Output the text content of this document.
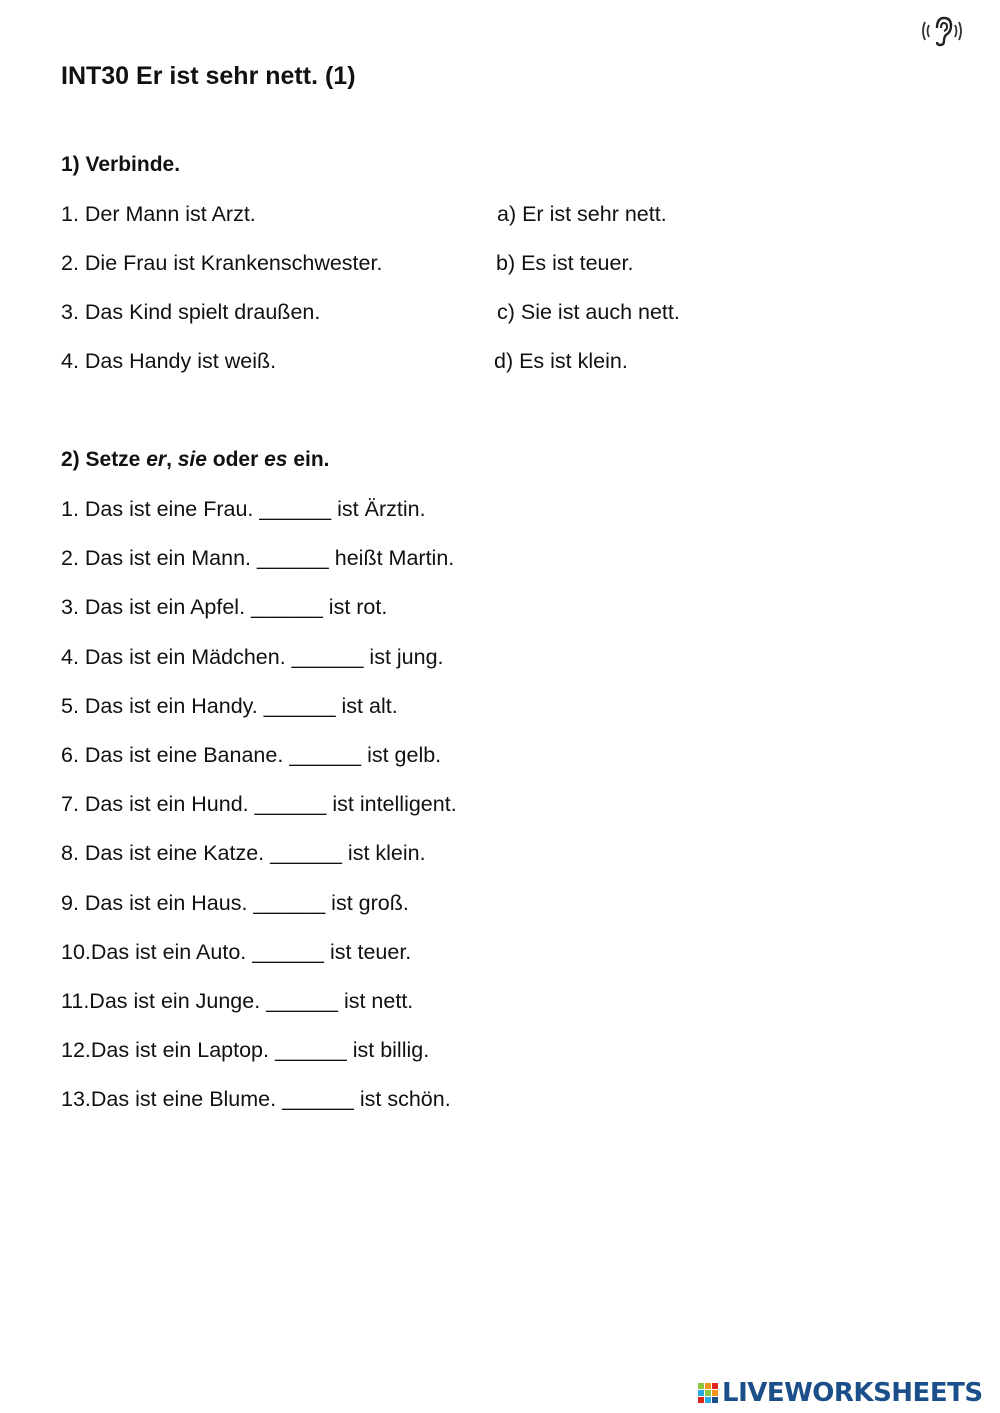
INT30 Er ist sehr nett. (1)
1) Verbinde.
1. Der Mann ist Arzt.
2. Die Frau ist Krankenschwester.
3. Das Kind spielt draußen.
4. Das Handy ist weiß.
a) Er ist sehr nett.
b) Es ist teuer.
c) Sie ist auch nett.
d) Es ist klein.
2) Setze er, sie oder es ein.
1. Das ist eine Frau. ______ ist Ärztin.
2. Das ist ein Mann. ______ heißt Martin.
3. Das ist ein Apfel. ______ ist rot.
4. Das ist ein Mädchen. ______ ist jung.
5. Das ist ein Handy. ______ ist alt.
6. Das ist eine Banane. ______ ist gelb.
7. Das ist ein Hund. ______ ist intelligent.
8. Das ist eine Katze. ______ ist klein.
9. Das ist ein Haus. ______ ist groß.
10.Das ist ein Auto. ______ ist teuer.
11.Das ist ein Junge. ______ ist nett.
12.Das ist ein Laptop. ______ ist billig.
13.Das ist eine Blume. ______ ist schön.
LIVEWORKSHEETS
